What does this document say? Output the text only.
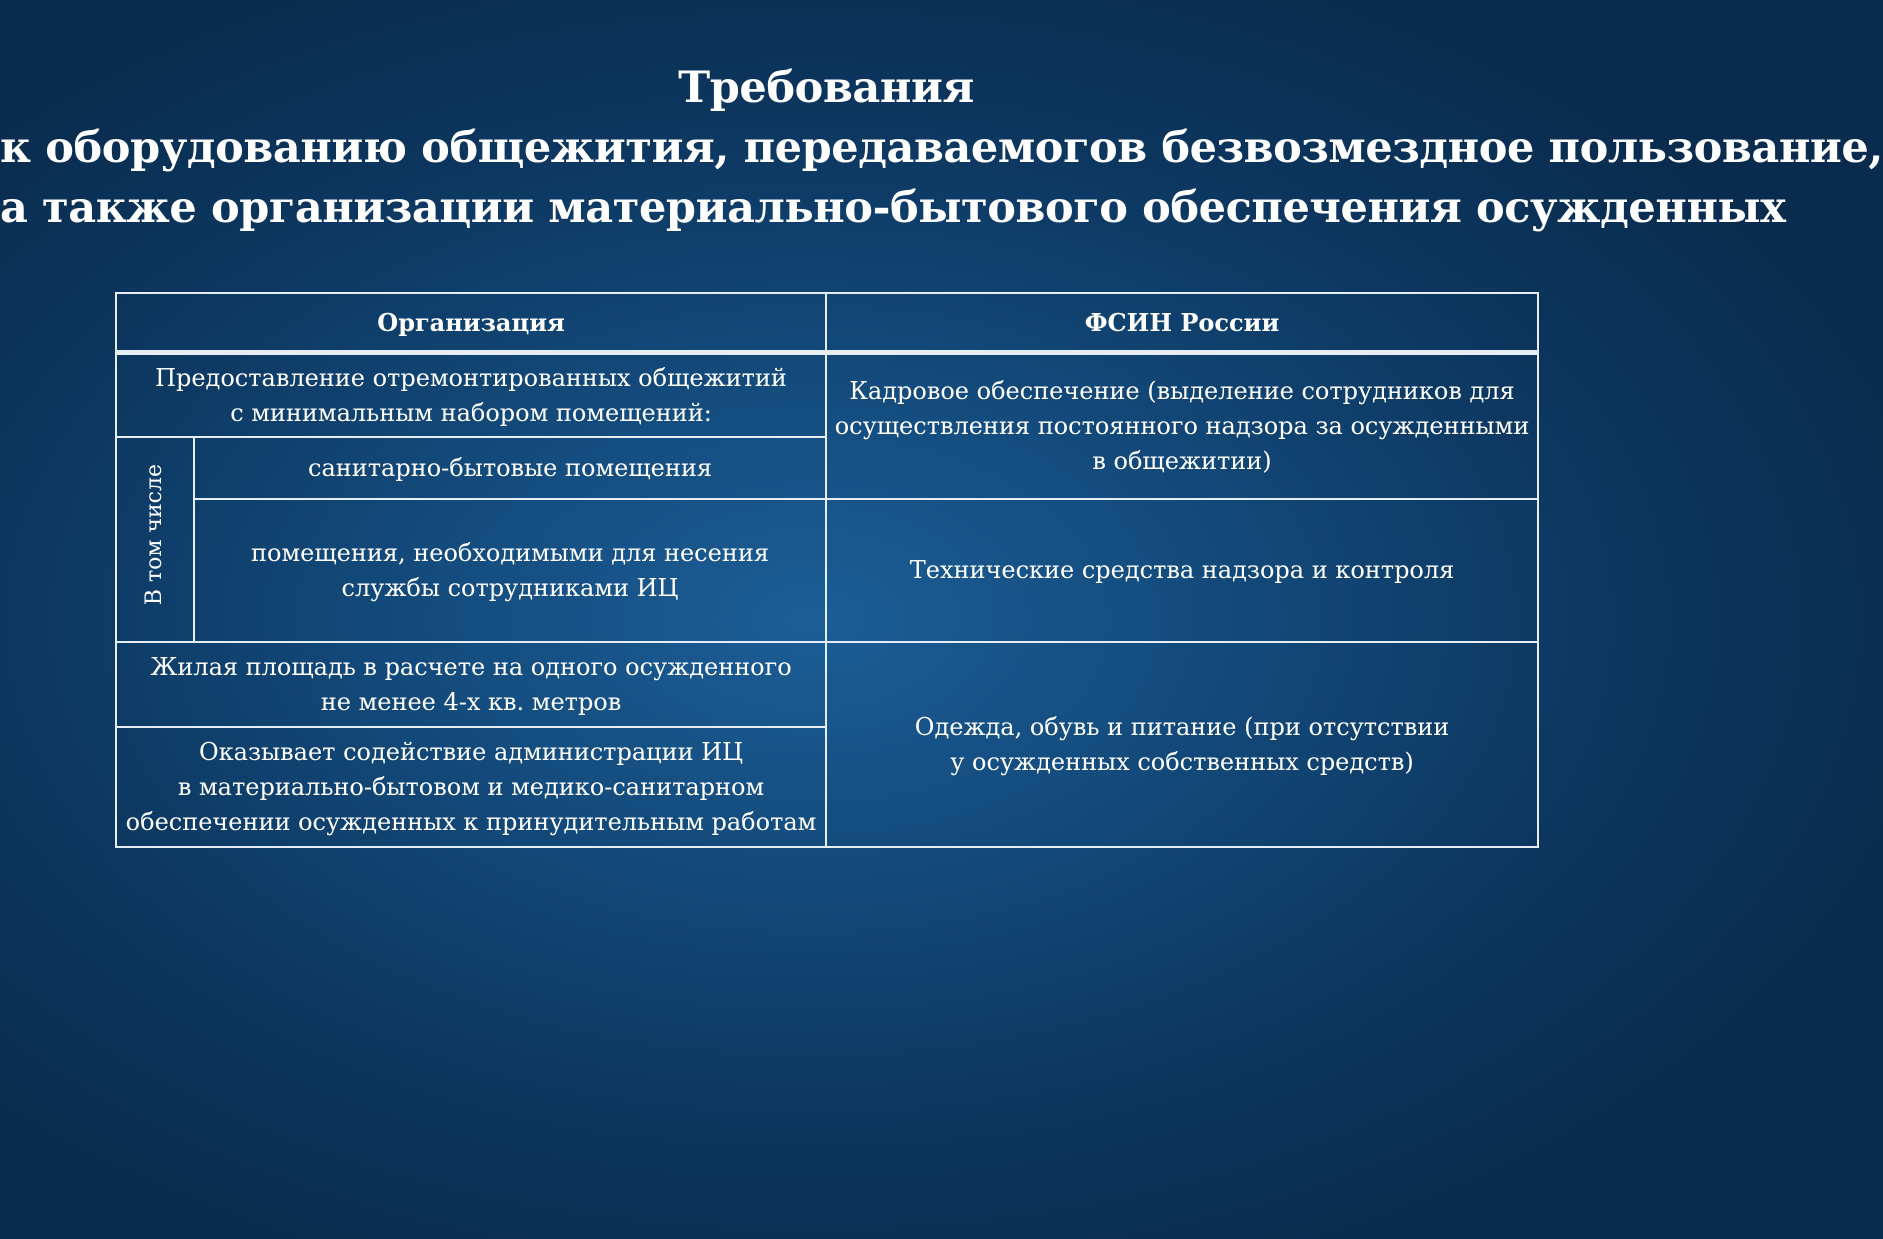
Требования
к оборудованию общежития, передаваемогов безвозмездное пользование,
а также организации материально-бытового обеспечения осужденных
Организация		ФСИН России

Предоставление отремонтированных общежитий
с минимальным набором помещений:		Кадровое обеспечение (выделение сотрудников для
осуществления постоянного надзора за осужденными
в общежитии)

В том числе	санитарно-бытовые помещения	

	помещения, необходимыми для несения
службы сотрудниками ИЦ	Технические средства надзора и контроля

Жилая площадь в расчете на одного осужденного
не менее 4-х кв. метров		Одежда, обувь и питание (при отсутствии
у осужденных собственных средств)

Оказывает содействие администрации ИЦ
в материально-бытовом и медико-санитарном
обеспечении осужденных к принудительным работам		
